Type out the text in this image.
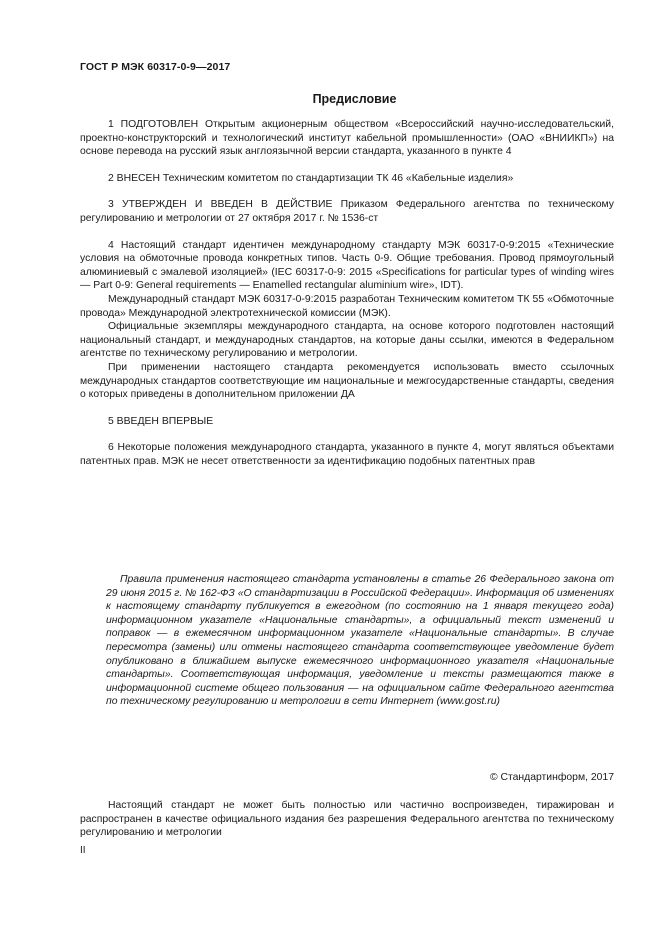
ГОСТ Р МЭК 60317-0-9—2017
Предисловие

1 ПОДГОТОВЛЕН Открытым акционерным обществом «Всероссийский научно-исследовательский, проектно-конструкторский и технологический институт кабельной промышленности» (ОАО «ВНИИКП») на основе перевода на русский язык англоязычной версии стандарта, указанного в пункте 4

2 ВНЕСЕН Техническим комитетом по стандартизации ТК 46 «Кабельные изделия»

3 УТВЕРЖДЕН И ВВЕДЕН В ДЕЙСТВИЕ Приказом Федерального агентства по техническому регулированию и метрологии от 27 октября 2017 г. № 1536-ст

4 Настоящий стандарт идентичен международному стандарту МЭК 60317-0-9:2015 «Технические условия на обмоточные провода конкретных типов. Часть 0-9. Общие требования. Провод прямоугольный алюминиевый с эмалевой изоляцией» (IEC 60317-0-9: 2015 «Specifications for particular types of winding wires — Part 0-9: General requirements — Enamelled rectangular aluminium wire», IDT).

Международный стандарт МЭК 60317-0-9:2015 разработан Техническим комитетом ТК 55 «Обмоточные провода» Международной электротехнической комиссии (МЭК).

Официальные экземпляры международного стандарта, на основе которого подготовлен настоящий национальный стандарт, и международных стандартов, на которые даны ссылки, имеются в Федеральном агентстве по техническому регулированию и метрологии.

При применении настоящего стандарта рекомендуется использовать вместо ссылочных международных стандартов соответствующие им национальные и межгосударственные стандарты, сведения о которых приведены в дополнительном приложении ДА

5 ВВЕДЕН ВПЕРВЫЕ

6 Некоторые положения международного стандарта, указанного в пункте 4, могут являться объектами патентных прав. МЭК не несет ответственности за идентификацию подобных патентных прав

Правила применения настоящего стандарта установлены в статье 26 Федерального закона от 29 июня 2015 г. № 162-ФЗ «О стандартизации в Российской Федерации». Информация об изменениях к настоящему стандарту публикуется в ежегодном (по состоянию на 1 января текущего года) информационном указателе «Национальные стандарты», а официальный текст изменений и поправок — в ежемесячном информационном указателе «Национальные стандарты». В случае пересмотра (замены) или отмены настоящего стандарта соответствующее уведомление будет опубликовано в ближайшем выпуске ежемесячного информационного указателя «Национальные стандарты». Соответствующая информация, уведомление и тексты размещаются также в информационной системе общего пользования — на официальном сайте Федерального агентства по техническому регулированию и метрологии в сети Интернет (www.gost.ru)

© Стандартинформ, 2017

Настоящий стандарт не может быть полностью или частично воспроизведен, тиражирован и распространен в качестве официального издания без разрешения Федерального агентства по техническому регулированию и метрологии

II
